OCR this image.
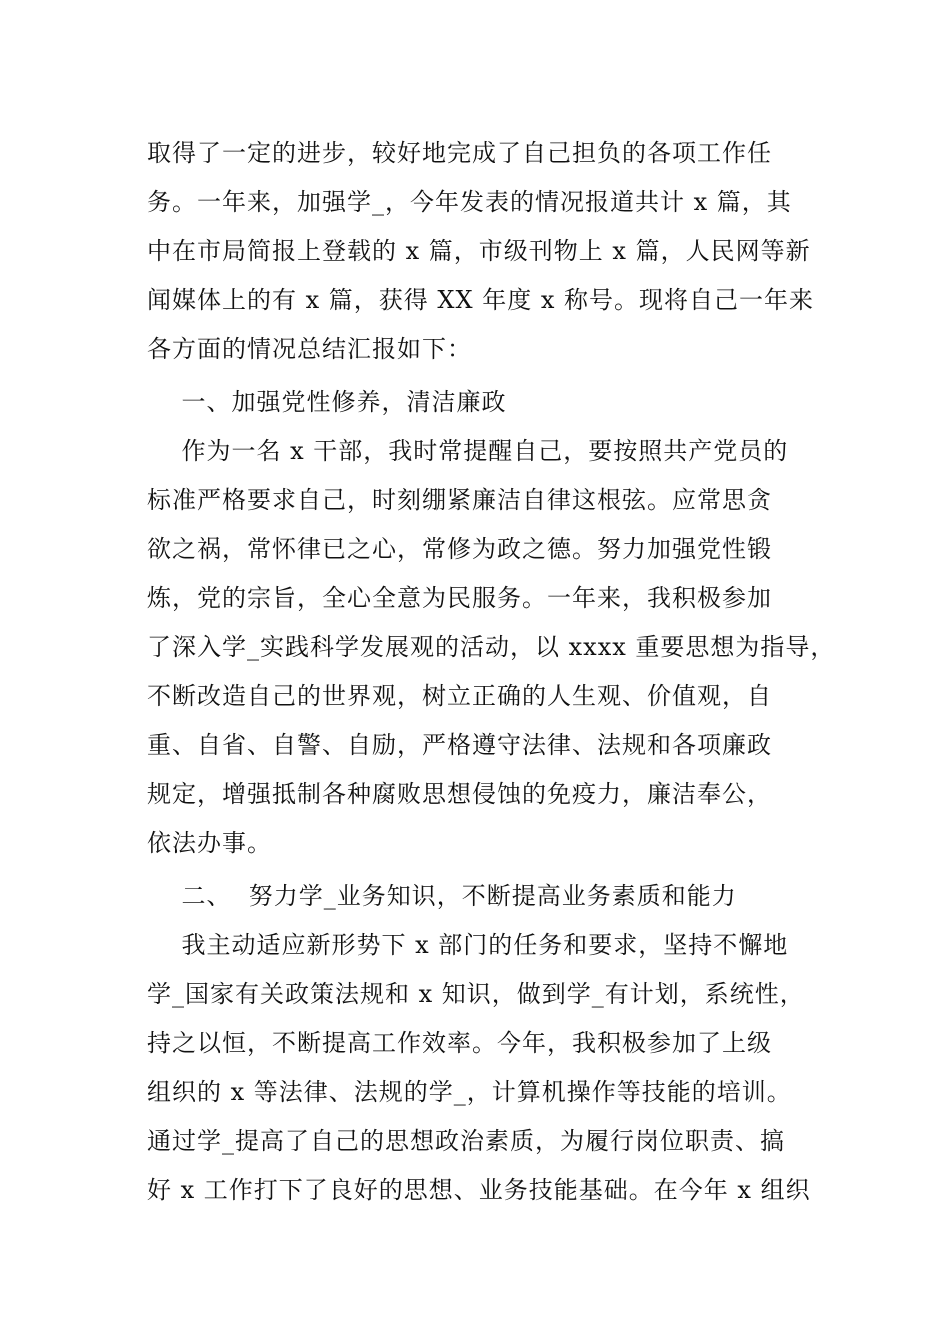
取得了一定的进步，较好地完成了自己担负的各项工作任
务。一年来，加强学_，今年发表的情况报道共计 x 篇，其
中在市局简报上登载的 x 篇，市级刊物上 x 篇，人民网等新
闻媒体上的有 x 篇，获得 XX 年度 x 称号。现将自己一年来
各方面的情况总结汇报如下：
一、加强党性修养，清洁廉政
作为一名 x 干部，我时常提醒自己，要按照共产党员的
标准严格要求自己，时刻绷紧廉洁自律这根弦。应常思贪
欲之祸，常怀律已之心，常修为政之德。努力加强党性锻
炼，党的宗旨，全心全意为民服务。一年来，我积极参加
了深入学_实践科学发展观的活动，以 xxxx 重要思想为指导，
不断改造自己的世界观，树立正确的人生观、价值观，自
重、自省、自警、自励，严格遵守法律、法规和各项廉政
规定，增强抵制各种腐败思想侵蚀的免疫力，廉洁奉公，
依法办事。
二、  努力学_业务知识，不断提高业务素质和能力
我主动适应新形势下 x 部门的任务和要求，坚持不懈地
学_国家有关政策法规和 x 知识，做到学_有计划，系统性，
持之以恒，不断提高工作效率。今年，我积极参加了上级
组织的 x 等法律、法规的学_，计算机操作等技能的培训。
通过学_提高了自己的思想政治素质，为履行岗位职责、搞
好 x 工作打下了良好的思想、业务技能基础。在今年 x 组织
